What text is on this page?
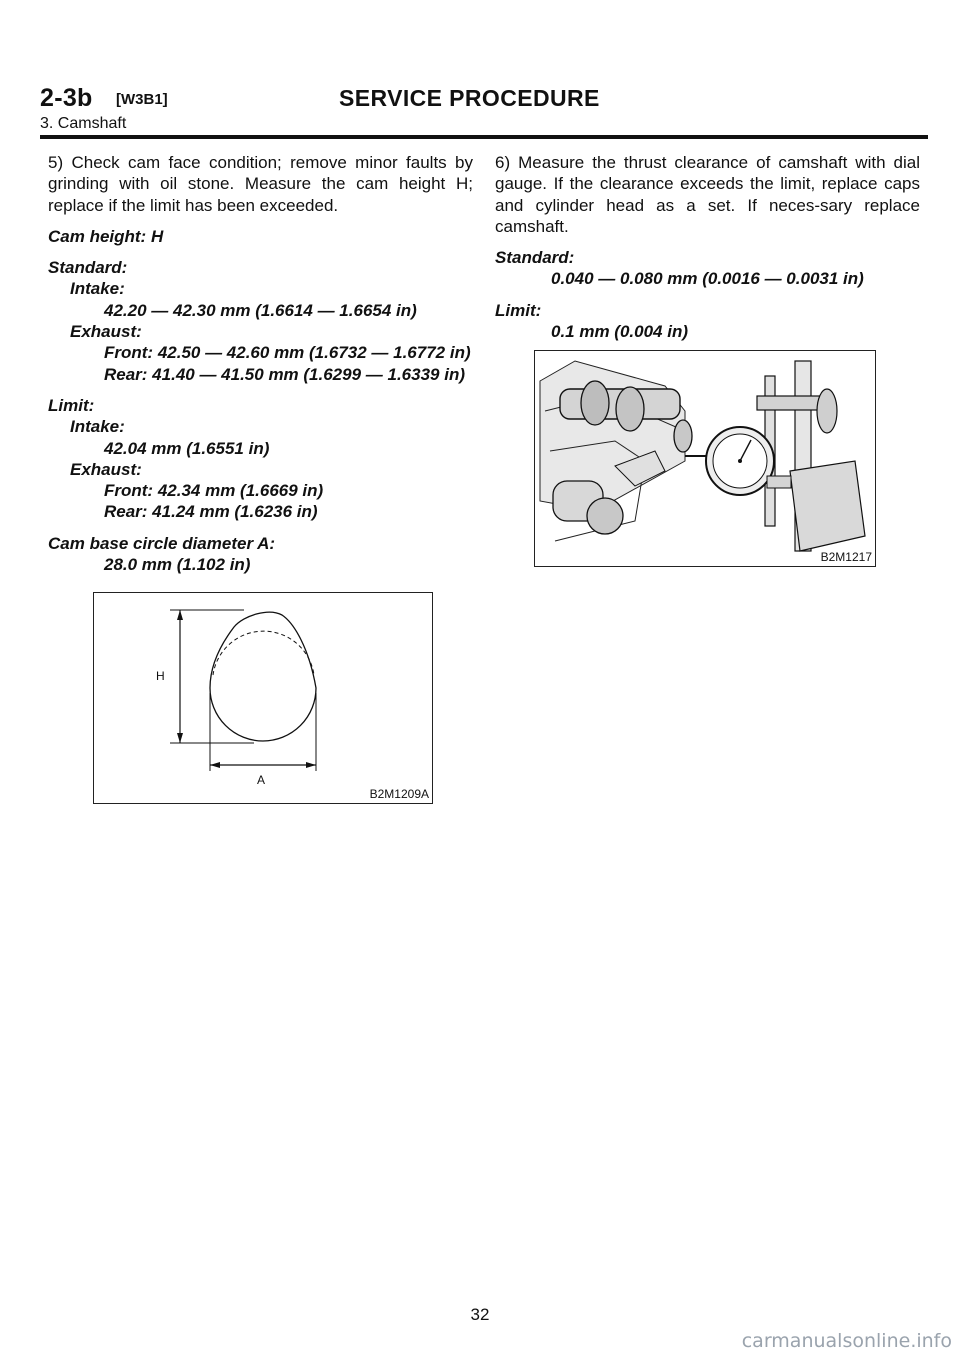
2-3b [W3B1]	SERVICE PROCEDURE
3. Camshaft

5) Check cam face condition; remove minor faults by grinding with oil stone. Measure the cam height H; replace if the limit has been exceeded.

Cam height: H
Standard:
Intake:
42.20 — 42.30 mm (1.6614 — 1.6654 in)
Exhaust:
Front: 42.50 — 42.60 mm (1.6732 — 1.6772 in)
Rear: 41.40 — 41.50 mm (1.6299 — 1.6339 in)
Limit:
Intake:
42.04 mm (1.6551 in)
Exhaust:
Front: 42.34 mm (1.6669 in)
Rear: 41.24 mm (1.6236 in)
Cam base circle diameter A:
28.0 mm (1.102 in)
H
A
B2M1209A

6) Measure the thrust clearance of camshaft with dial gauge. If the clearance exceeds the limit, replace caps and cylinder head as a set. If neces-sary replace camshaft.

Standard:
0.040 — 0.080 mm (0.0016 — 0.0031 in)
Limit:
0.1 mm (0.004 in)
B2M1217
32
carmanualsonline.info
